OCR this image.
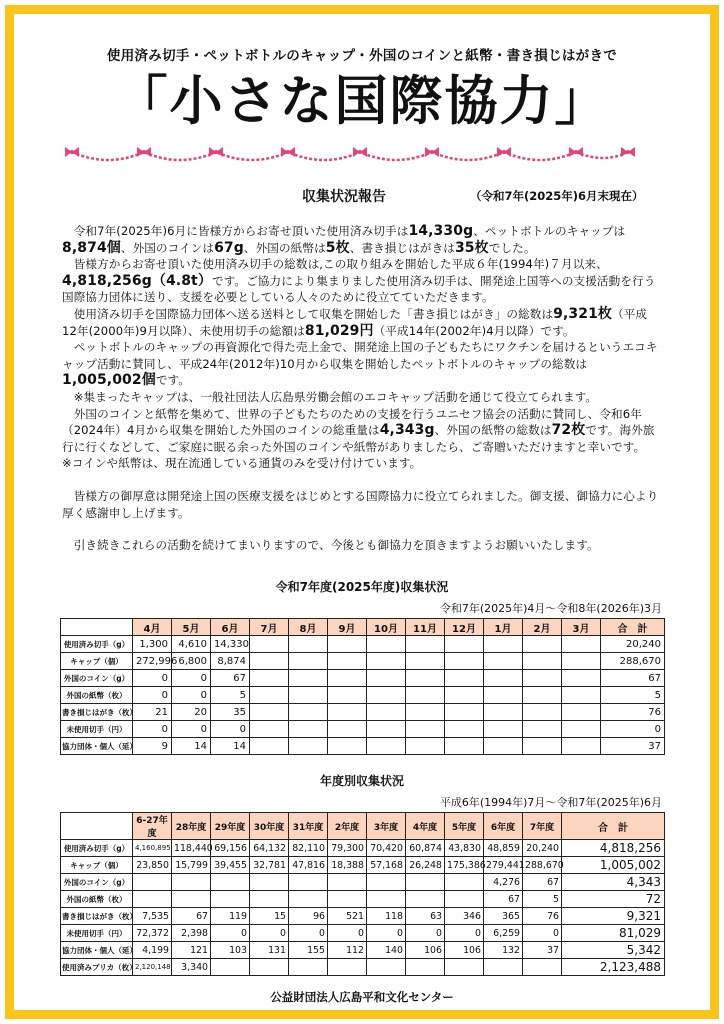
使用済み切手・ペットボトルのキャップ・外国のコインと紙幣・書き損じはがきで
「小さな国際協力」
収集状況報告	（令和7年(2025年)6月末現在）

　令和7年(2025年)6月に皆様方からお寄せ頂いた使用済み切手は14,330g、ペットボトルのキャップは8,874個、外国のコインは67g、外国の紙幣は5枚、書き損じはがきは35枚でした。

　皆様方からお寄せ頂いた使用済み切手の総数は,この取り組みを開始した平成６年(1994年)７月以来、4,818,256g（4.8t）です。ご協力により集まりました使用済み切手は、開発途上国等への支援活動を行う国際協力団体に送り、支援を必要としている人々のために役立てていただきます。

　使用済み切手を国際協力団体へ送る送料として収集を開始した「書き損じはがき」の総数は9,321枚（平成12年(2000年)9月以降）、未使用切手の総額は81,029円（平成14年(2002年)4月以降）です。

　ペットボトルのキャップの再資源化で得た売上金で、開発途上国の子どもたちにワクチンを届けるというエコキャップ活動に賛同し、平成24年(2012年)10月から収集を開始したペットボトルのキャップの総数は1,005,002個です。

　※集まったキャップは、一般社団法人広島県労働会館のエコキャップ活動を通じて役立てられます。

　外国のコインと紙幣を集めて、世界の子どもたちのための支援を行うユニセフ協会の活動に賛同し、令和6年（2024年）4月から収集を開始した外国のコインの総重量は4,343g、外国の紙幣の総数は72枚です。海外旅行に行くなどして、ご家庭に眠る余った外国のコインや紙幣がありましたら、ご寄贈いただけますと幸いです。

※コインや紙幣は、現在流通している通貨のみを受け付けています。

　皆様方の御厚意は開発途上国の医療支援をはじめとする国際協力に役立てられました。御支援、御協力に心より厚く感謝申し上げます。

　引き続きこれらの活動を続けてまいりますので、今後とも御協力を頂きますようお願いいたします。

令和7年度(2025年度)収集状況
令和7年(2025年)4月～令和8年(2026年)3月
	4月	5月	6月	7月	8月	9月	10月	11月	12月	1月	2月	3月	合　計
使用済み切手（g）	1,300	4,610	14,330										20,240
キャップ（個）	272,996	6,800	8,874										288,670
外国のコイン（g）	0	0	67										67
外国の紙幣（枚）	0	0	5										5
書き損じはがき（枚）	21	20	35										76
未使用切手（円）	0	0	0										0
協力団体・個人（延）	9	14	14										37
年度別収集状況
平成6年(1994年)7月～令和7年(2025年)6月
	6-27年度	28年度	29年度	30年度	31年度	2年度	3年度	4年度	5年度	6年度	7年度	合　計
使用済み切手（g）	4,160,895	118,440	69,156	64,132	82,110	79,300	70,420	60,874	43,830	48,859	20,240	4,818,256
キャップ（個）	23,850	15,799	39,455	32,781	47,816	18,388	57,168	26,248	175,386	279,441	288,670	1,005,002
外国のコイン（g）										4,276	67	4,343
外国の紙幣（枚）										67	5	72
書き損じはがき（枚）	7,535	67	119	15	96	521	118	63	346	365	76	9,321
未使用切手（円）	72,372	2,398	0	0	0	0	0	0	0	6,259	0	81,029
協力団体・個人（延）	4,199	121	103	131	155	112	140	106	106	132	37	5,342
使用済みプリカ（枚）	2,120,148	3,340										2,123,488
公益財団法人広島平和文化センター
